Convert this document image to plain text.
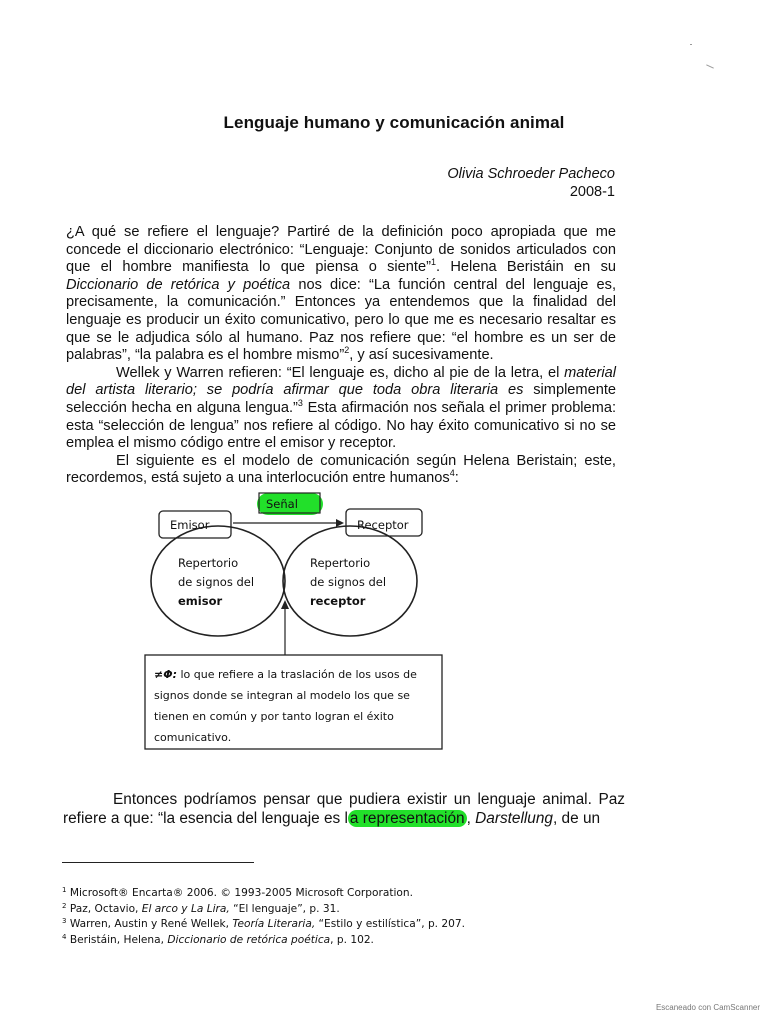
Lenguaje humano y comunicación animal
Olivia Schroeder Pacheco
2008-1

¿A qué se refiere el lenguaje? Partiré de la definición poco apropiada que me concede el diccionario electrónico: “Lenguaje: Conjunto de sonidos articulados con que el hombre manifiesta lo que piensa o siente”$^1$. Helena Beristáin en su Diccionario de retórica y poética nos dice: “La función central del lenguaje es, precisamente, la comunicación.” Entonces ya entendemos que la finalidad del lenguaje es producir un éxito comunicativo, pero lo que me es necesario resaltar es que se le adjudica sólo al humano. Paz nos refiere que: “el hombre es un ser de palabras”, “la palabra es el hombre mismo”$^2$, y así sucesivamente.

Wellek y Warren refieren: “El lenguaje es, dicho al pie de la letra, el material del artista literario; se podría afirmar que toda obra literaria es simplemente selección hecha en alguna lengua.”$^3$ Esta afirmación nos señala el primer problema: esta “selección de lengua” nos refiere al código. No hay éxito comunicativo si no se emplea el mismo código entre el emisor y receptor.

El siguiente es el modelo de comunicación según Helena Beristain; este, recordemos, está sujeto a una interlocución entre humanos$^4$:

Señal
Emisor	Receptor
Repertorio
de signos del
emisor
Repertorio
de signos del
receptor
≠Φ: lo que refiere a la traslación de los usos de signos donde se integran al modelo los que se tienen en común y por tanto logran el éxito comunicativo.

Entonces podríamos pensar que pudiera existir un lenguaje animal. Paz refiere a que: “la esencia del lenguaje es l a representación , Darstellung, de un

$^1$ Microsoft® Encarta® 2006. © 1993-2005 Microsoft Corporation.
$^2$ Paz, Octavio, El arco y La Lira, “El lenguaje”, p. 31.
$^3$ Warren, Austin y René Wellek, Teoría Literaria, “Estilo y estilística”, p. 207.
$^4$ Beristáin, Helena, Diccionario de retórica poética, p. 102.
Escaneado con CamScanner
